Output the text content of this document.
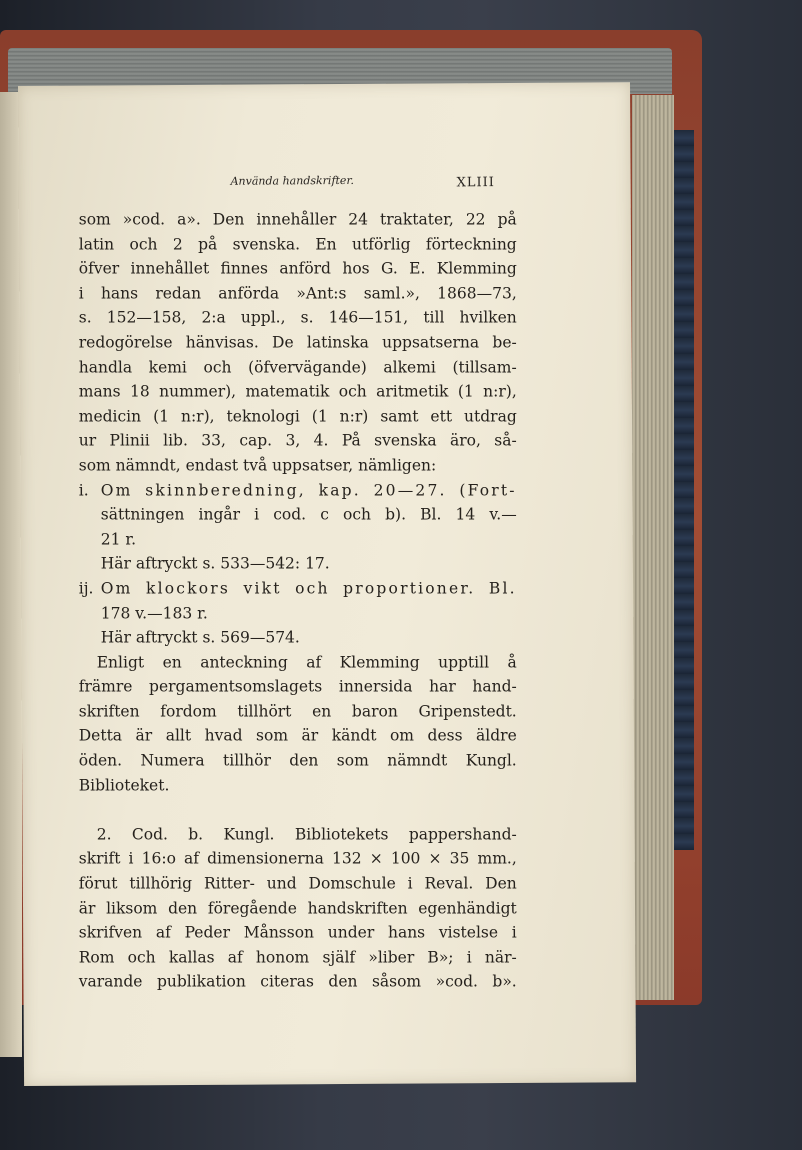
Använda handskrifter.	XLIII
som »cod. a». Den innehåller 24 traktater, 22 på
latin och 2 på svenska. En utförlig förteckning
öfver innehållet finnes anförd hos G. E. Klemming
i hans redan anförda »Ant:s saml.», 1868—73,
s. 152—158, 2:a uppl., s. 146—151, till hvilken
redogörelse hänvisas. De latinska uppsatserna be-
handla kemi och (öfvervägande) alkemi (tillsam-
mans 18 nummer), matematik och aritmetik (1 n:r),
medicin (1 n:r), teknologi (1 n:r) samt ett utdrag
ur Plinii lib. 33, cap. 3, 4. På svenska äro, så-
som nämndt, endast två uppsatser, nämligen:
i. Om skinnberedning, kap. 20—27. (Fort-
sättningen ingår i cod. c och b). Bl. 14 v.—
21 r.
Här aftryckt s. 533—542: 17.
ij. Om klockors vikt och proportioner. Bl.
178 v.—183 r.
Här aftryckt s. 569—574.
Enligt en anteckning af Klemming upptill å
främre pergamentsomslagets innersida har hand-
skriften fordom tillhört en baron Gripenstedt.
Detta är allt hvad som är kändt om dess äldre
öden. Numera tillhör den som nämndt Kungl.
Biblioteket.
2. Cod. b. Kungl. Bibliotekets pappershand-
skrift i 16:o af dimensionerna 132 × 100 × 35 mm.,
förut tillhörig Ritter- und Domschule i Reval. Den
är liksom den föregående handskriften egenhändigt
skrifven af Peder Månsson under hans vistelse i
Rom och kallas af honom själf »liber B»; i när-
varande publikation citeras den såsom »cod. b».
